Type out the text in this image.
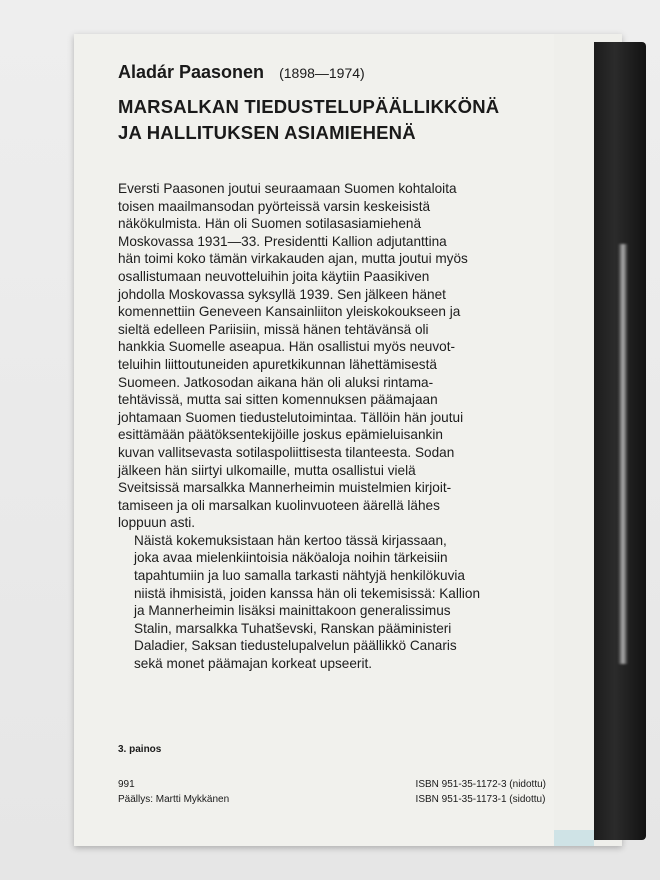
Aladár Paasonen (1898—1974)
MARSALKAN TIEDUSTELUPÄÄLLIKKÖNÄ
JA HALLITUKSEN ASIAMIEHENÄ
Eversti Paasonen joutui seuraamaan Suomen kohtaloita
toisen maailmansodan pyörteissä varsin keskeisistä
näkökulmista. Hän oli Suomen sotilasasiamiehenä
Moskovassa 1931—33. Presidentti Kallion adjutanttina
hän toimi koko tämän virkakauden ajan, mutta joutui myös
osallistumaan neuvotteluihin joita käytiin Paasikiven
johdolla Moskovassa syksyllä 1939. Sen jälkeen hänet
komennettiin Geneveen Kansainliiton yleiskokoukseen ja
sieltä edelleen Pariisiin, missä hänen tehtävänsä oli
hankkia Suomelle aseapua. Hän osallistui myös neuvot-
teluihin liittoutuneiden apuretkikunnan lähettämisestä
Suomeen. Jatkosodan aikana hän oli aluksi rintama-
tehtävissä, mutta sai sitten komennuksen päämajaan
johtamaan Suomen tiedustelutoimintaa. Tällöin hän joutui
esittämään päätöksentekijöille joskus epämieluisankin
kuvan vallitsevasta sotilaspoliittisesta tilanteesta. Sodan
jälkeen hän siirtyi ulkomaille, mutta osallistui vielä
Sveitsissä marsalkka Mannerheimin muistelmien kirjoit-
tamiseen ja oli marsalkan kuolinvuoteen äärellä lähes
loppuun asti.
Näistä kokemuksistaan hän kertoo tässä kirjassaan,
joka avaa mielenkiintoisia näköaloja noihin tärkeisiin
tapahtumiin ja luo samalla tarkasti nähtyjä henkilökuvia
niistä ihmisistä, joiden kanssa hän oli tekemisissä: Kallion
ja Mannerheimin lisäksi mainittakoon generalissimus
Stalin, marsalkka Tuhatševski, Ranskan pääministeri
Daladier, Saksan tiedustelupalvelun päällikkö Canaris
sekä monet päämajan korkeat upseerit.
3. painos
991
Päällys: Martti Mykkänen
ISBN 951-35-1172-3 (nidottu)
ISBN 951-35-1173-1 (sidottu)
